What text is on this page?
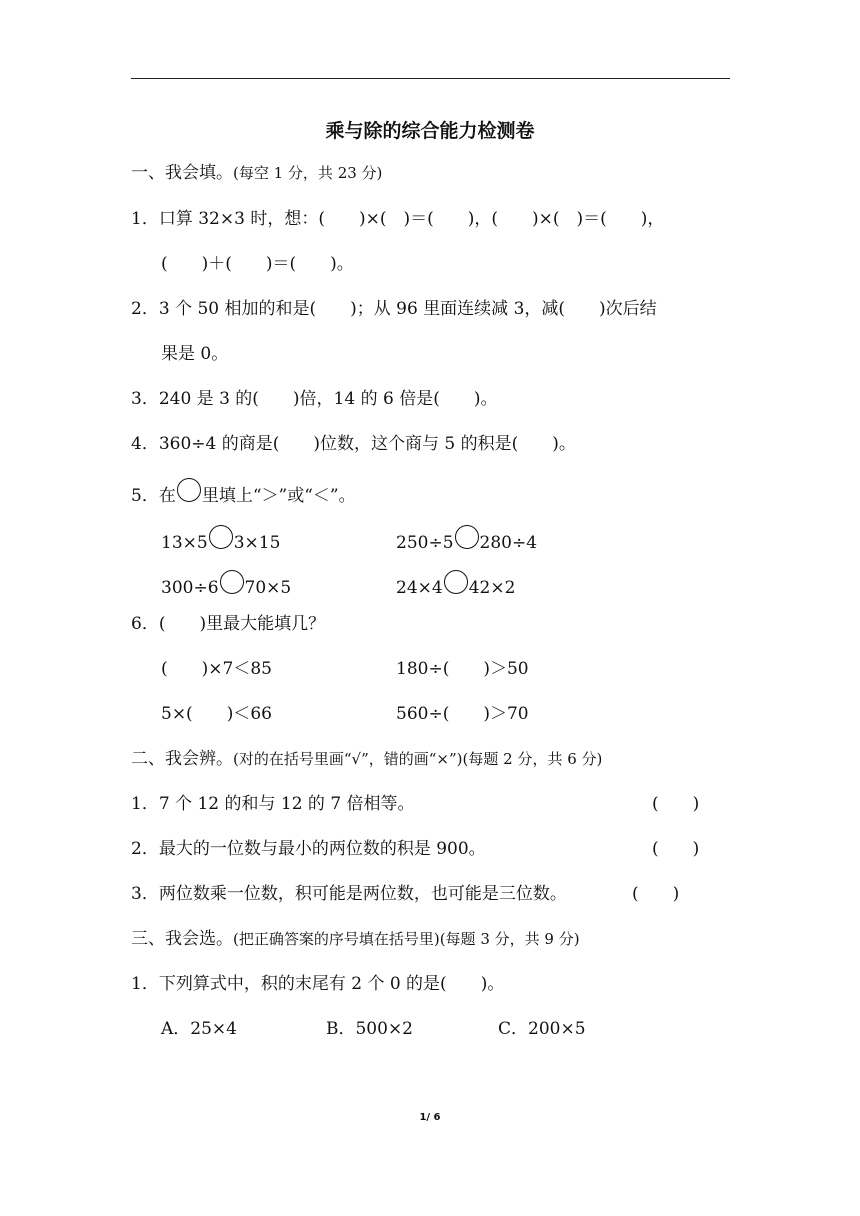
乘与除的综合能力检测卷
一、我会填。(每空 1 分，共 23 分)
1．口算 32×3 时，想：(　　)×(　)＝(　　)，(　　)×(　)＝(　　)，
(　　)＋(　　)＝(　　)。
2．3 个 50 相加的和是(　　)；从 96 里面连续减 3，减(　　)次后结
果是 0。
3．240 是 3 的(　　)倍，14 的 6 倍是(　　)。
4．360÷4 的商是(　　)位数，这个商与 5 的积是(　　)。
5．在 里填上“＞”或“＜”。
13×5 3×15	250÷5 280÷4
300÷6 70×5	24×4 42×2
6．(　　)里最大能填几？
(　　)×7＜85	180÷(　　)＞50
5×(　　)＜66	560÷(　　)＞70
二、我会辨。(对的在括号里画“√”，错的画“×”)(每题 2 分，共 6 分)
1．7 个 12 的和与 12 的 7 倍相等。	(　　)
2．最大的一位数与最小的两位数的积是 900。	(　　)
3．两位数乘一位数，积可能是两位数，也可能是三位数。	(　　)
三、我会选。(把正确答案的序号填在括号里)(每题 3 分，共 9 分)
1．下列算式中，积的末尾有 2 个 0 的是(　　)。
A．25×4	B．500×2	C．200×5
1/ 6
